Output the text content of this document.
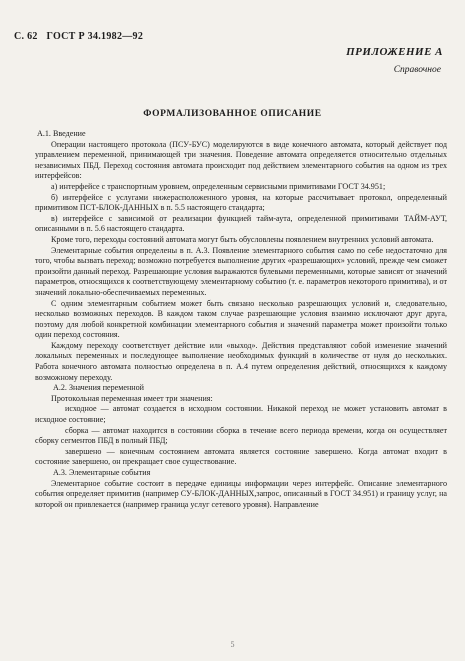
С. 62 ГОСТ Р 34.1982—92
ПРИЛОЖЕНИЕ А
Справочное
ФОРМАЛИЗОВАННОЕ ОПИСАНИЕ

А.1. Введение

Операции настоящего протокола (ПСУ-БУС) моделируются в виде конечного автомата, который действует под управлением переменной, принимающей три значения. Поведение автомата определяется относительно отдельных независимых ПБД. Переход состояния автомата происходит под действием элементарного события на одном из трех интерфейсов:

а) интерфейсе с транспортным уровнем, определенным сервисными примитивами ГОСТ 34.951;

б) интерфейсе с услугами нижерасположенного уровня, на которые рассчитывает протокол, определенный примитивом ПСТ-БЛОК-ДАННЫХ в п. 5.5 настоящего стандарта;

в) интерфейсе с зависимой от реализации функцией тайм-аута, определенной примитивами ТАЙМ-АУТ, описанными в п. 5.6 настоящего стандарта.

Кроме того, переходы состояний автомата могут быть обусловлены появлением внутренних условий автомата.

Элементарные события определены в п. А.3. Появление элементарного события само по себе недостаточно для того, чтобы вызвать переход; возможно потребуется выполнение других «разрешающих» условий, прежде чем сможет произойти данный переход. Разрешающие условия выражаются булевыми переменными, которые зависят от значений параметров, относящихся к соответствующему элементарному событию (т. е. параметров некоторого примитива), и от значений локально-обеспечиваемых переменных.

С одним элементарным событием может быть связано несколько разрешающих условий и, следовательно, несколько возможных переходов. В каждом таком случае разрешающие условия взаимно исключают друг друга, поэтому для любой конкретной комбинации элементарного события и значений параметра может произойти только один переход состояния.

Каждому переходу соответствует действие или «выход». Действия представляют собой изменение значений локальных переменных и последующее выполнение необходимых функций в количестве от нуля до нескольких. Работа конечного автомата полностью определена в п. А.4 путем определения действий, относящихся к каждому возможному переходу.

А.2. Значения переменной

Протокольная переменная имеет три значения:

исходное — автомат создается в исходном состоянии. Никакой переход не может установить автомат в исходное состояние;

сборка — автомат находится в состоянии сборка в течение всего периода времени, когда он осуществляет сборку сегментов ПБД в полный ПБД;

завершено — конечным состоянием автомата является состояние завершено. Когда автомат входит в состояние завершено, он прекращает свое существование.

А.3. Элементарные события

Элементарное событие состоит в передаче единицы информации через интерфейс. Описание элементарного события определяет примитив (например СУ-БЛОК-ДАННЫХ,запрос, описанный в ГОСТ 34.951) и границу услуг, на которой он привлекается (например граница услуг сетевого уровня). Направление

5
